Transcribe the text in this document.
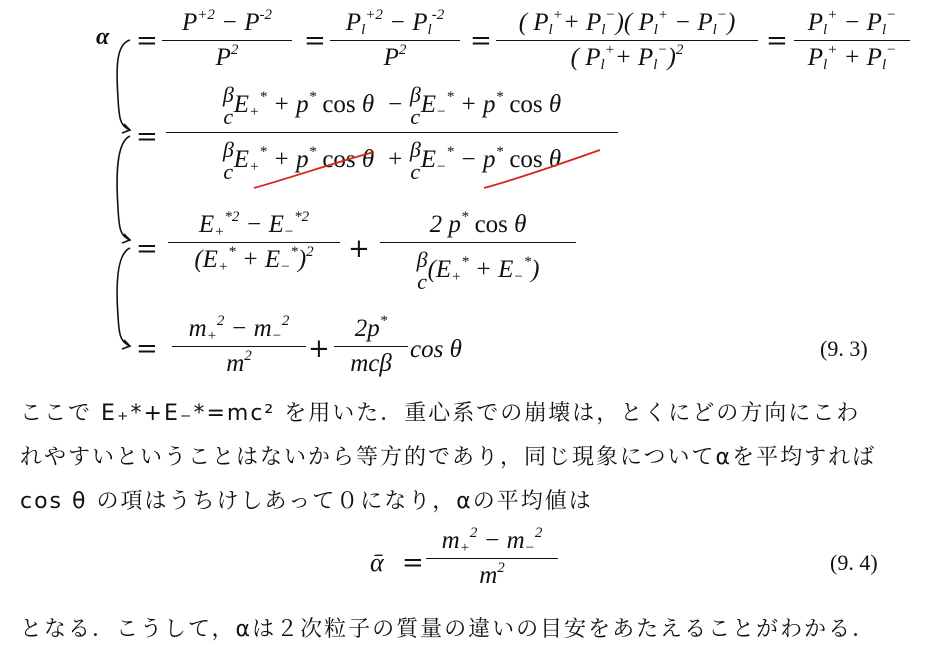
α =
$P^{+2} - P^{-2}$
$P^2$	=
$P_l^{+2} - P_l^{-2}$
$P^2$	=
( $P_l^++ P_l^-$)( $P_l^+ - P_l^-$)
( $P_l^++ P_l^-)^2$	=
$P_l^+ - P_l^-$
$P_l^+ + P_l^-$
=
β
$cE_+^* + p^*$ cos θ  − β
$cE_-^* + p^*$ cos θ
β
$cE_+^* + p^*$ cos θ  + β
$cE_-^* - p^*$ cos θ
=
$E_+^{*2} - E_-^{*2}$
$(E_+^* + E_-^*)^2$	+
2 p* cos θ
β
$c(E_+^* + E_-^*)$
=
$m_+^2 - m_-^2$
$m^2$	+
2p*
mcβ
cos θ	(9. 3)
ここで E₊*+E₋*=mc² を用いた．重心系での崩壊は，とくにどの方向にこわ
れやすいということはないから等方的であり，同じ現象についてαを平均すれば
cos θ の項はうちけしあって０になり，αの平均値は
ᾱ =
$m_+^2 - m_-^2$
$m^2$	(9. 4)
となる．こうして，αは２次粒子の質量の違いの目安をあたえることがわかる．
